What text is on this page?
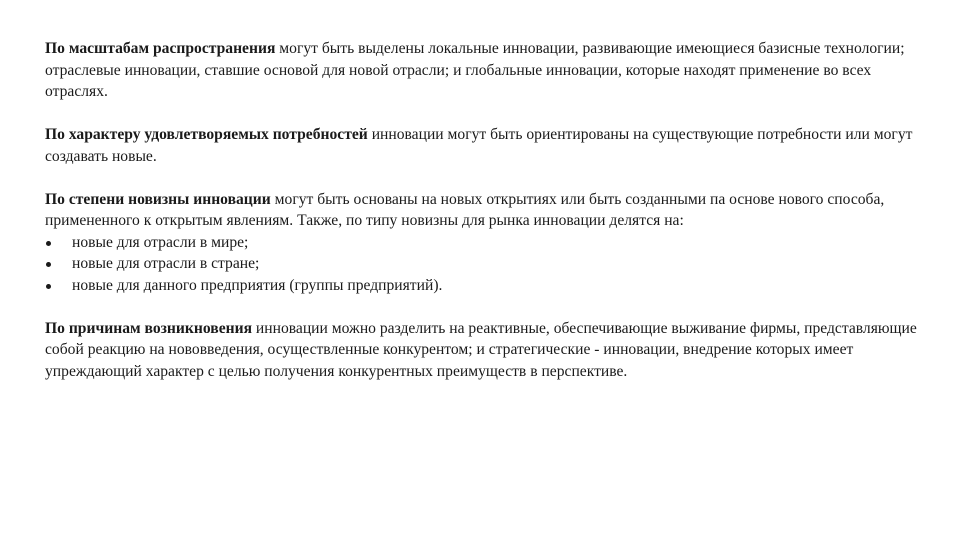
По масштабам распространения могут быть выделены локальные инновации, развивающие имеющиеся базисные технологии; отраслевые инновации, ставшие основой для новой отрасли; и глобальные инновации, которые находят применение во всех отраслях.

По характеру удовлетворяемых потребностей инновации могут быть ориентированы на существующие потребности или могут создавать новые.

По степени новизны инновации могут быть основаны на новых открытиях или быть созданными па основе нового способа, примененного к открытым явлениям. Также, по типу новизны для рынка инновации делятся на:
новые для отрасли в мире;
новые для отрасли в стране;
новые для данного предприятия (группы предприятий).

По причинам возникновения инновации можно разделить на реактивные, обеспечивающие выживание фирмы, представляющие собой реакцию на нововведения, осуществленные конкурентом; и стратегические - инновации, внедрение которых имеет упреждающий характер с целью получения конкурентных преимуществ в перспективе.
